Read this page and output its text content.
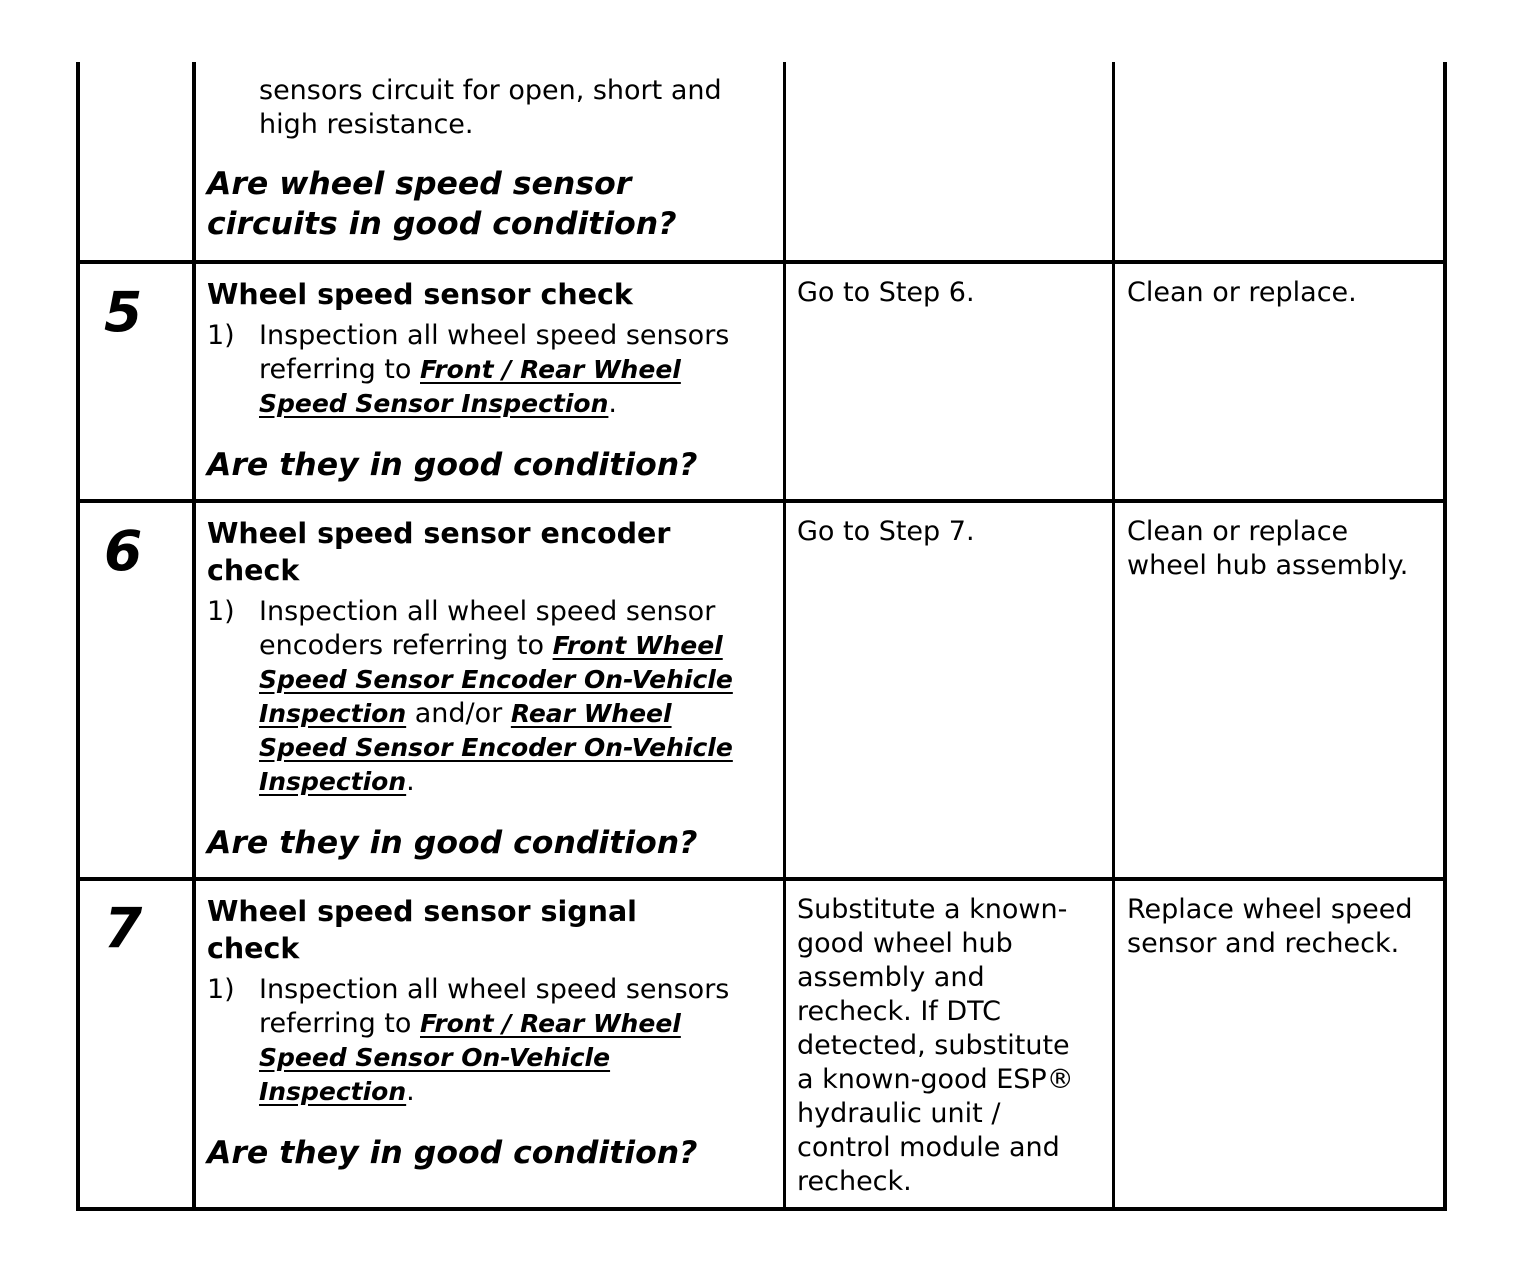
sensors circuit for open, short and
high resistance.
Are wheel speed sensor
circuits in good condition?
5 Wheel speed sensor check
1) Inspection all wheel speed sensors
referring to Front / Rear Wheel
Speed Sensor Inspection.
Are they in good condition?
Go to Step 6.	Clean or replace.
6 Wheel speed sensor encoder
check
1) Inspection all wheel speed sensor
encoders referring to Front Wheel
Speed Sensor Encoder On-Vehicle
Inspection and/or Rear Wheel
Speed Sensor Encoder On-Vehicle
Inspection.
Are they in good condition?
Go to Step 7.	Clean or replace
wheel hub assembly.
7 Wheel speed sensor signal
check
1) Inspection all wheel speed sensors
referring to Front / Rear Wheel
Speed Sensor On-Vehicle
Inspection.
Are they in good condition?
Substitute a known-
good wheel hub
assembly and
recheck. If DTC
detected, substitute
a known-good ESP®
hydraulic unit /
control module and
recheck.
Replace wheel speed
sensor and recheck.
